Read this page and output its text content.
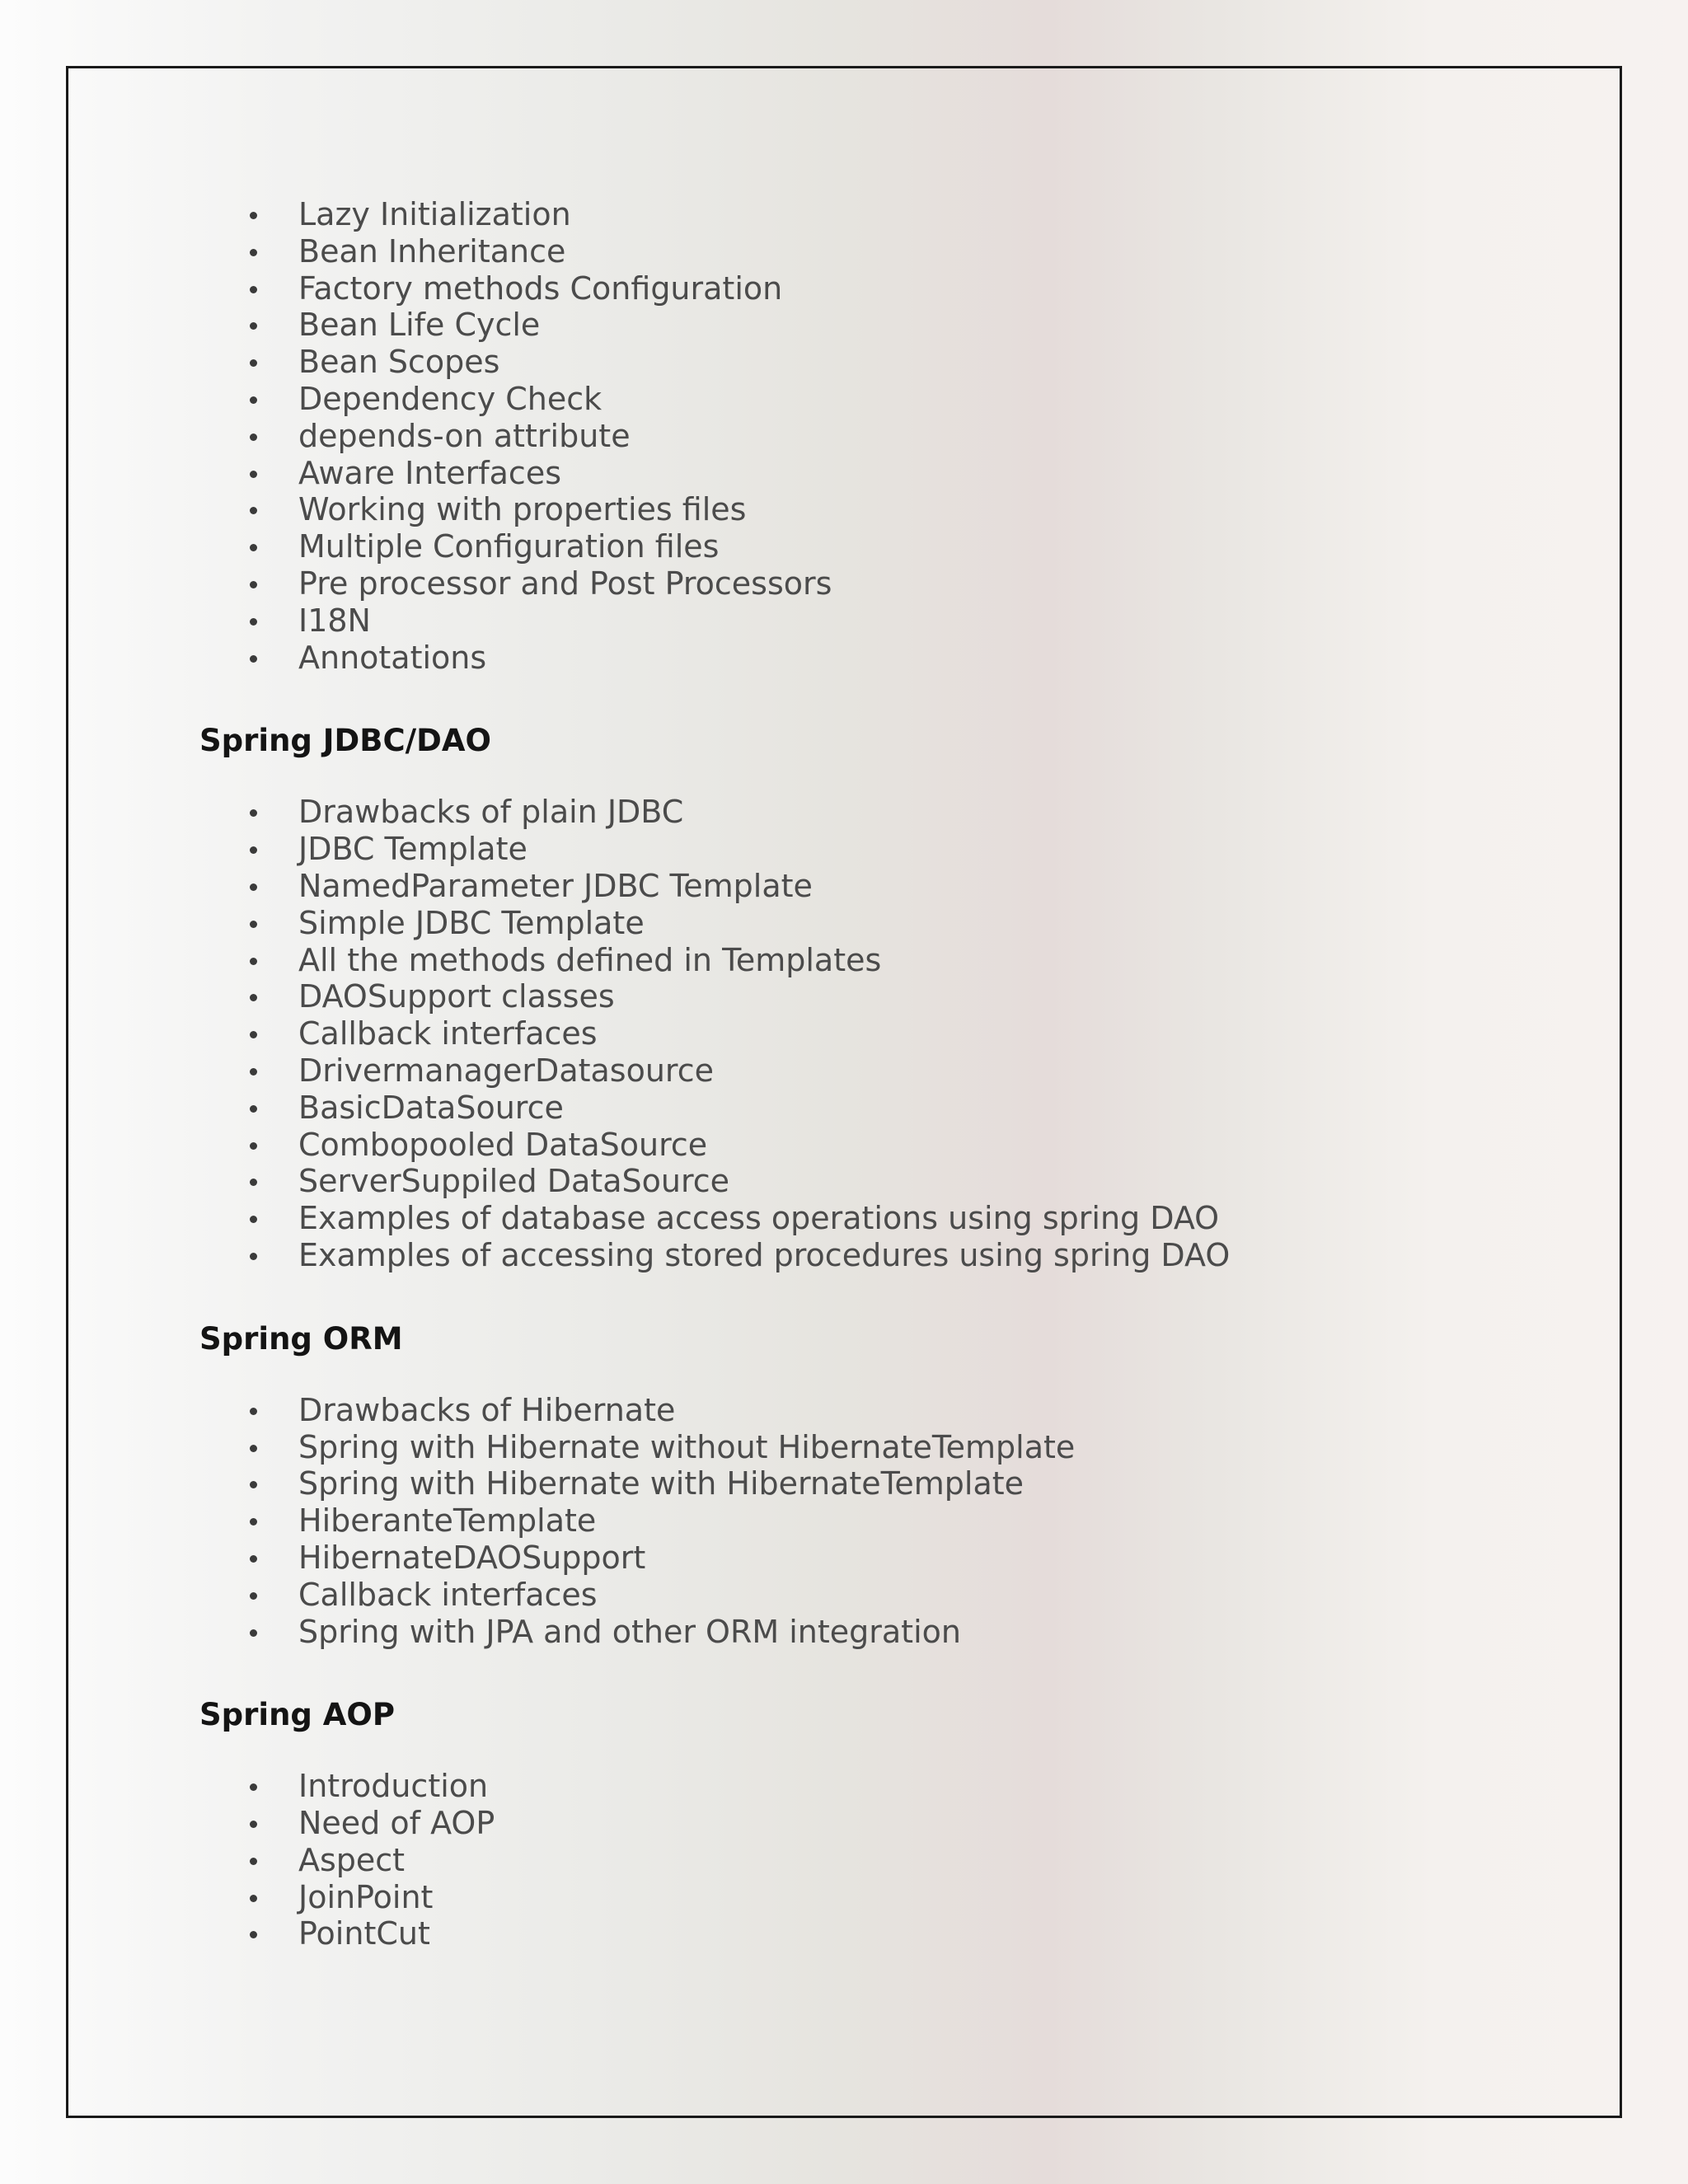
Lazy Initialization
Bean Inheritance
Factory methods Configuration
Bean Life Cycle
Bean Scopes
Dependency Check
depends-on attribute
Aware Interfaces
Working with properties files
Multiple Configuration files
Pre processor and Post Processors
I18N
Annotations
Spring JDBC/DAO
Drawbacks of plain JDBC
JDBC Template
NamedParameter JDBC Template
Simple JDBC Template
All the methods defined in Templates
DAOSupport classes
Callback interfaces
DrivermanagerDatasource
BasicDataSource
Combopooled DataSource
ServerSuppiled DataSource
Examples of database access operations using spring DAO
Examples of accessing stored procedures using spring DAO
Spring ORM
Drawbacks of Hibernate
Spring with Hibernate without HibernateTemplate
Spring with Hibernate with HibernateTemplate
HiberanteTemplate
HibernateDAOSupport
Callback interfaces
Spring with JPA and other ORM integration
Spring AOP
Introduction
Need of AOP
Aspect
JoinPoint
PointCut
